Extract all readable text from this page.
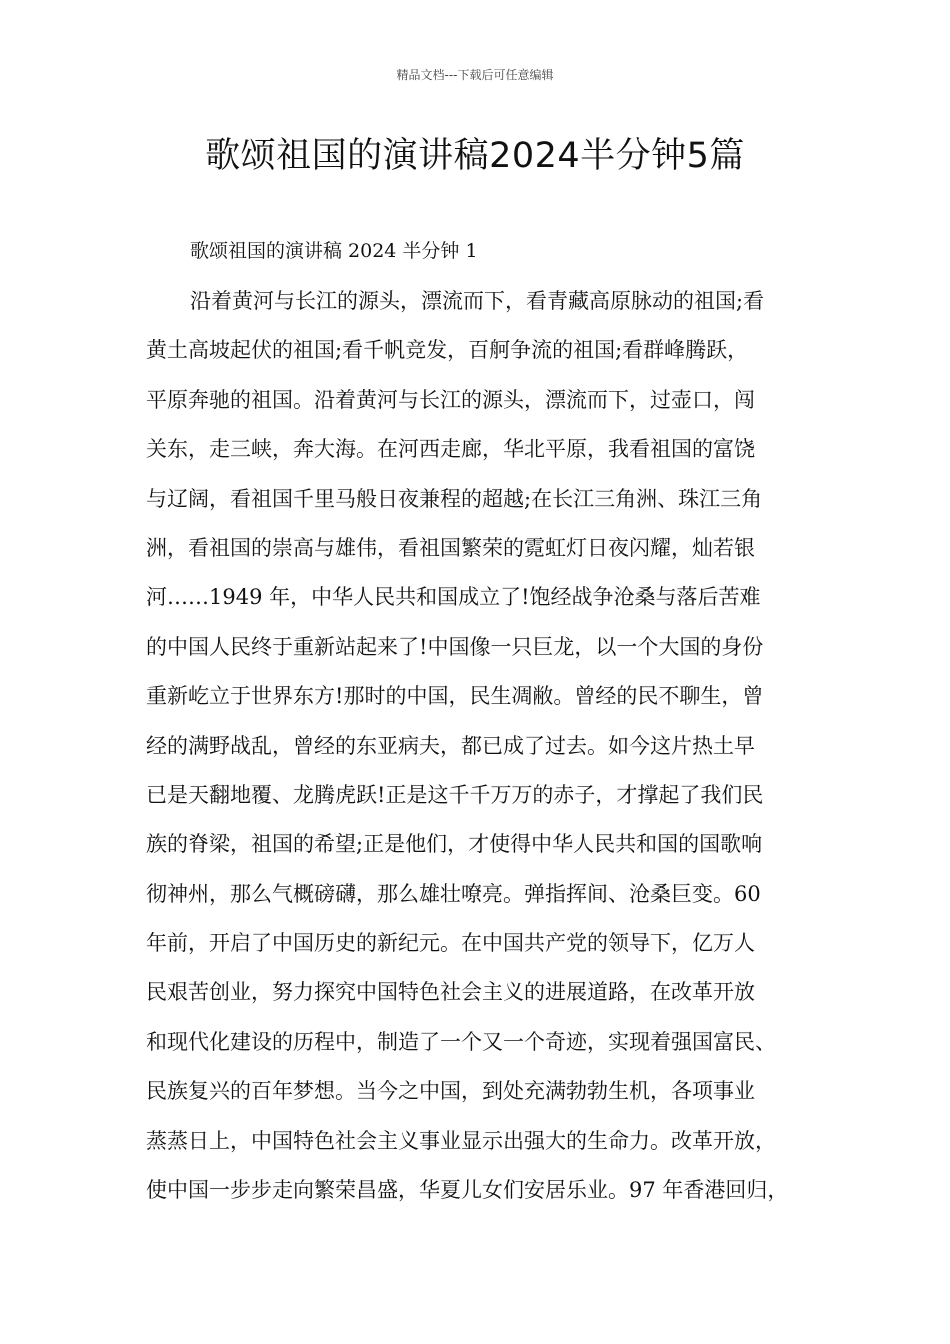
精品文档---下载后可任意编辑
歌颂祖国的演讲稿2024半分钟5篇
歌颂祖国的演讲稿 2024 半分钟 1
沿着黄河与长江的源头，漂流而下，看青藏高原脉动的祖国;看
黄土高坡起伏的祖国;看千帆竞发，百舸争流的祖国;看群峰腾跃，
平原奔驰的祖国。沿着黄河与长江的源头，漂流而下，过壶口，闯
关东，走三峡，奔大海。在河西走廊，华北平原，我看祖国的富饶
与辽阔，看祖国千里马般日夜兼程的超越;在长江三角洲、珠江三角
洲，看祖国的崇高与雄伟，看祖国繁荣的霓虹灯日夜闪耀，灿若银
河……1949 年，中华人民共和国成立了!饱经战争沧桑与落后苦难
的中国人民终于重新站起来了!中国像一只巨龙，以一个大国的身份
重新屹立于世界东方!那时的中国，民生凋敝。曾经的民不聊生，曾
经的满野战乱，曾经的东亚病夫，都已成了过去。如今这片热土早
已是天翻地覆、龙腾虎跃!正是这千千万万的赤子，才撑起了我们民
族的脊梁，祖国的希望;正是他们，才使得中华人民共和国的国歌响
彻神州，那么气概磅礴，那么雄壮嘹亮。弹指挥间、沧桑巨变。60
年前，开启了中国历史的新纪元。在中国共产党的领导下，亿万人
民艰苦创业，努力探究中国特色社会主义的进展道路，在改革开放
和现代化建设的历程中，制造了一个又一个奇迹，实现着强国富民、
民族复兴的百年梦想。当今之中国，到处充满勃勃生机，各项事业
蒸蒸日上，中国特色社会主义事业显示出强大的生命力。改革开放，
使中国一步步走向繁荣昌盛，华夏儿女们安居乐业。97 年香港回归，
